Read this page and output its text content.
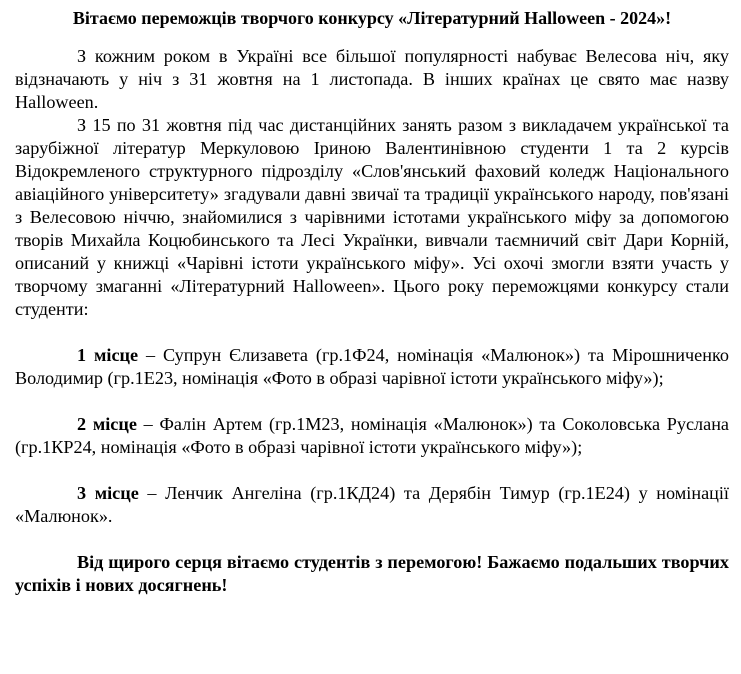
Вітаємо переможців творчого конкурсу «Літературний Halloween - 2024»!

З кожним роком в Україні все більшої популярності набуває Велесова ніч, яку відзначають у ніч з 31 жовтня на 1 листопада. В інших країнах це свято має назву Halloween.

З 15 по 31 жовтня під час дистанційних занять разом з викладачем української та зарубіжної літератур Меркуловою Іриною Валентинівною студенти 1 та 2 курсів Відокремленого структурного підрозділу «Слов'янський фаховий коледж Національного авіаційного університету» згадували давні звичаї та традиції українського народу, пов'язані з Велесовою ніччю, знайомилися з чарівними істотами українського міфу за допомогою творів Михайла Коцюбинського та Лесі Українки, вивчали таємничий світ Дари Корній, описаний у книжці «Чарівні істоти українського міфу». Усі охочі змогли взяти участь у творчому змаганні «Літературний Halloween». Цього року переможцями конкурсу стали студенти:

1 місце – Супрун Єлизавета (гр.1Ф24, номінація «Малюнок») та Мірошниченко Володимир (гр.1Е23, номінація «Фото в образі чарівної істоти українського міфу»);

2 місце – Фалін Артем (гр.1М23, номінація «Малюнок») та Соколовська Руслана (гр.1КР24, номінація «Фото в образі чарівної істоти українського міфу»);

3 місце – Ленчик Ангеліна (гр.1КД24) та Дерябін Тимур (гр.1Е24) у номінації «Малюнок».

Від щирого серця вітаємо студентів з перемогою! Бажаємо подальших творчих успіхів і нових досягнень!
